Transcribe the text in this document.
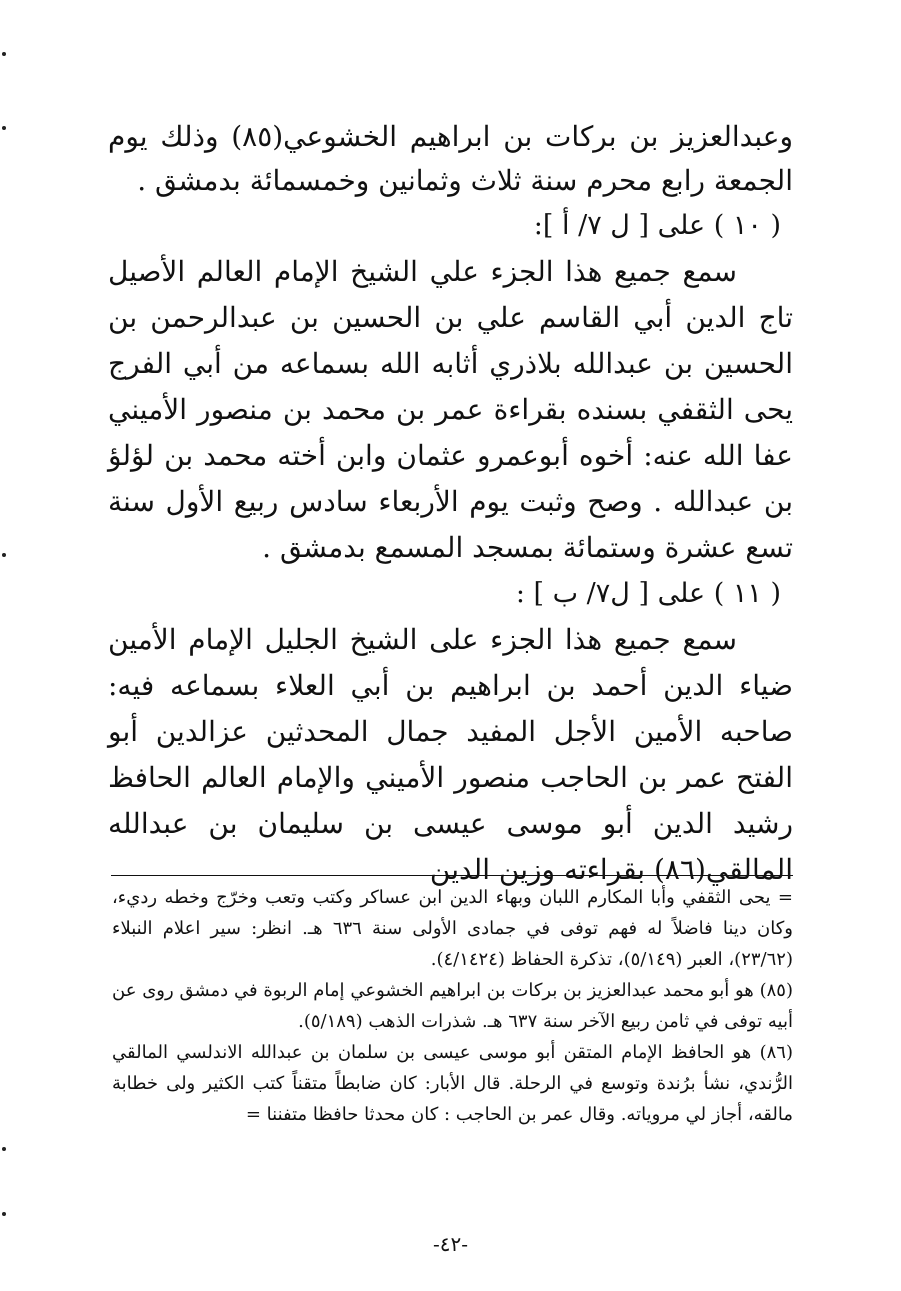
وعبدالعزيز بن بركات بن ابراهيم الخشوعي(٨٥) وذلك يوم الجمعة رابع محرم سنة ثلاث وثمانين وخمسمائة بدمشق .

( ١٠ ) على [ ل ٧/ أ ]:

سمع جميع هذا الجزء علي الشيخ الإمام العالم الأصيل تاج الدين أبي القاسم علي بن الحسين بن عبدالرحمن بن الحسين بن عبدالله بلاذري أثابه الله بسماعه من أبي الفرج يحى الثقفي بسنده بقراءة عمر بن محمد بن منصور الأميني عفا الله عنه: أخوه أبوعمرو عثمان وابن أخته محمد بن لؤلؤ بن عبدالله . وصح وثبت يوم الأربعاء سادس ربيع الأول سنة تسع عشرة وستمائة بمسجد المسمع بدمشق .

( ١١ ) على [ ل٧/ ب ] :

سمع جميع هذا الجزء على الشيخ الجليل الإمام الأمين ضياء الدين أحمد بن ابراهيم بن أبي العلاء بسماعه فيه: صاحبه الأمين الأجل المفيد جمال المحدثين عزالدين أبو الفتح عمر بن الحاجب منصور الأميني والإمام العالم الحافظ رشيد الدين أبو موسى عيسى بن سليمان بن عبدالله المالقي(٨٦) بقراءته وزين الدين

= يحى الثقفي وأبا المكارم اللبان وبهاء الدين ابن عساكر وكتب وتعب وخرّج وخطه رديء، وكان دينا فاضلاً له فهم توفى في جمادى الأولى سنة ٦٣٦ هـ. انظر: سير اعلام النبلاء (٢٣/٦٢)، العبر (٥/١٤٩)، تذكرة الحفاظ (٤/١٤٢٤).

(٨٥) هو أبو محمد عبدالعزيز بن بركات بن ابراهيم الخشوعي إمام الربوة في دمشق روى عن أبيه توفى في ثامن ربيع الآخر سنة ٦٣٧ هـ. شذرات الذهب (٥/١٨٩).

(٨٦) هو الحافظ الإمام المتقن أبو موسى عيسى بن سلمان بن عبدالله الاندلسي المالقي الرُّندي، نشأ برُندة وتوسع في الرحلة. قال الأبار: كان ضابطاً متقناً كتب الكثير ولى خطابة مالقه، أجاز لي مروياته. وقال عمر بن الحاجب : كان محدثا حافظا متفننا =

-٤٢-
